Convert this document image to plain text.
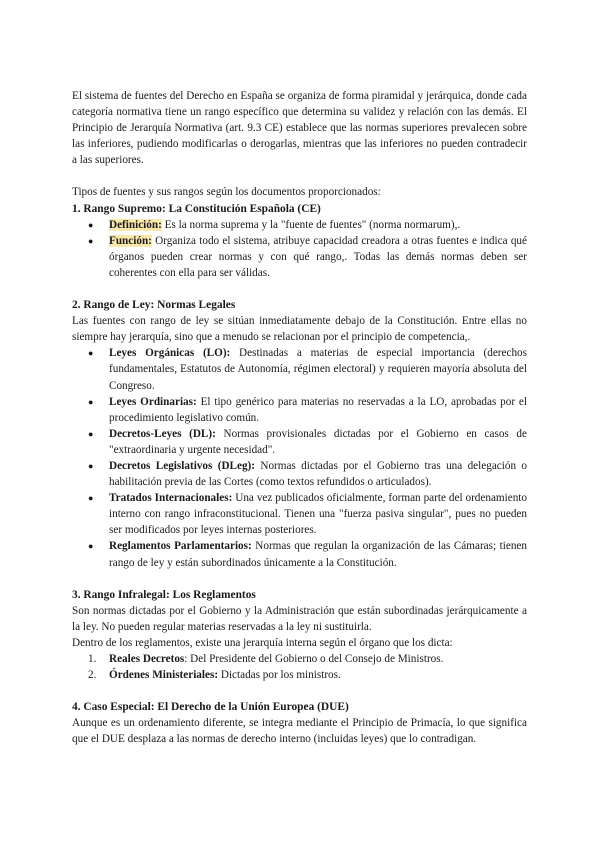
El sistema de fuentes del Derecho en España se organiza de forma piramidal y jerárquica, donde cada categoría normativa tiene un rango específico que determina su validez y relación con las demás. El Principio de Jerarquía Normativa (art. 9.3 CE) establece que las normas superiores prevalecen sobre las inferiores, pudiendo modificarlas o derogarlas, mientras que las inferiores no pueden contradecir a las superiores.

Tipos de fuentes y sus rangos según los documentos proporcionados:

1. Rango Supremo: La Constitución Española (CE)
● Definición: Es la norma suprema y la "fuente de fuentes" (norma normarum),.
● Función: Organiza todo el sistema, atribuye capacidad creadora a otras fuentes e indica qué órganos pueden crear normas y con qué rango,. Todas las demás normas deben ser coherentes con ella para ser válidas.
2. Rango de Ley: Normas Legales

Las fuentes con rango de ley se sitúan inmediatamente debajo de la Constitución. Entre ellas no siempre hay jerarquía, sino que a menudo se relacionan por el principio de competencia,.

● Leyes Orgánicas (LO): Destinadas a materias de especial importancia (derechos fundamentales, Estatutos de Autonomía, régimen electoral) y requieren mayoría absoluta del Congreso.
● Leyes Ordinarias: El tipo genérico para materias no reservadas a la LO, aprobadas por el procedimiento legislativo común.
● Decretos-Leyes (DL): Normas provisionales dictadas por el Gobierno en casos de "extraordinaria y urgente necesidad".
● Decretos Legislativos (DLeg): Normas dictadas por el Gobierno tras una delegación o habilitación previa de las Cortes (como textos refundidos o articulados).
● Tratados Internacionales: Una vez publicados oficialmente, forman parte del ordenamiento interno con rango infraconstitucional. Tienen una "fuerza pasiva singular", pues no pueden ser modificados por leyes internas posteriores.
● Reglamentos Parlamentarios: Normas que regulan la organización de las Cámaras; tienen rango de ley y están subordinados únicamente a la Constitución.
3. Rango Infralegal: Los Reglamentos

Son normas dictadas por el Gobierno y la Administración que están subordinadas jerárquicamente a la ley. No pueden regular materias reservadas a la ley ni sustituirla.

Dentro de los reglamentos, existe una jerarquía interna según el órgano que los dicta:

1. Reales Decretos: Del Presidente del Gobierno o del Consejo de Ministros.
2. Órdenes Ministeriales: Dictadas por los ministros.
4. Caso Especial: El Derecho de la Unión Europea (DUE)

Aunque es un ordenamiento diferente, se integra mediante el Principio de Primacía, lo que significa que el DUE desplaza a las normas de derecho interno (incluidas leyes) que lo contradigan.
